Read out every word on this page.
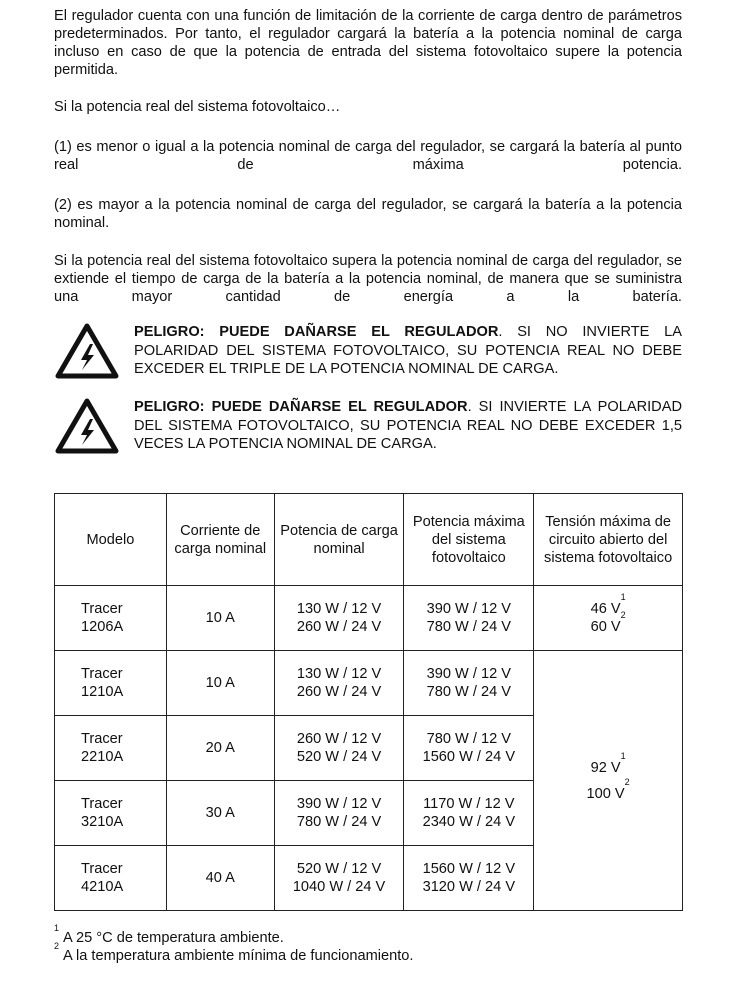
El regulador cuenta con una función de limitación de la corriente de carga dentro de parámetros predeterminados. Por tanto, el regulador cargará la batería a la potencia nominal de carga incluso en caso de que la potencia de entrada del sistema fotovoltaico supere la potencia permitida.

Si la potencia real del sistema fotovoltaico…

(1) es menor o igual a la potencia nominal de carga del regulador, se cargará la batería al punto real de máxima potencia.

(2) es mayor a la potencia nominal de carga del regulador, se cargará la batería a la potencia nominal.

Si la potencia real del sistema fotovoltaico supera la potencia nominal de carga del regulador, se extiende el tiempo de carga de la batería a la potencia nominal, de manera que se suministra una mayor cantidad de energía a la batería.

PELIGRO: PUEDE DAÑARSE EL REGULADOR. SI NO INVIERTE LA POLARIDAD DEL SISTEMA FOTOVOLTAICO, SU POTENCIA REAL NO DEBE EXCEDER EL TRIPLE DE LA POTENCIA NOMINAL DE CARGA.

PELIGRO: PUEDE DAÑARSE EL REGULADOR. SI INVIERTE LA POLARIDAD DEL SISTEMA FOTOVOLTAICO, SU POTENCIA REAL NO DEBE EXCEDER 1,5 VECES LA POTENCIA NOMINAL DE CARGA.

Modelo	Corriente de carga nominal	Potencia de carga nominal	Potencia máxima del sistema fotovoltaico	Tensión máxima de circuito abierto del sistema fotovoltaico
Tracer 1206A	10 A	130 W / 12 V
260 W / 24 V	390 W / 12 V
780 W / 24 V	46 $V^1$
60 $V^2$

Tracer 1210A	10 A	130 W / 12 V
260 W / 24 V	390 W / 12 V
780 W / 24 V	92 $V^1$
100 $V^2$

Tracer 2210A	20 A	260 W / 12 V
520 W / 24 V	780 W / 12 V
1560 W / 24 V	

Tracer 3210A	30 A	390 W / 12 V
780 W / 24 V	1170 W / 12 V
2340 W / 24 V	

Tracer 4210A	40 A	520 W / 12 V
1040 W / 24 V	1560 W / 12 V
3120 W / 24 V	
$^1$A 25 °C de temperatura ambiente.
$^2$A la temperatura ambiente mínima de funcionamiento.
